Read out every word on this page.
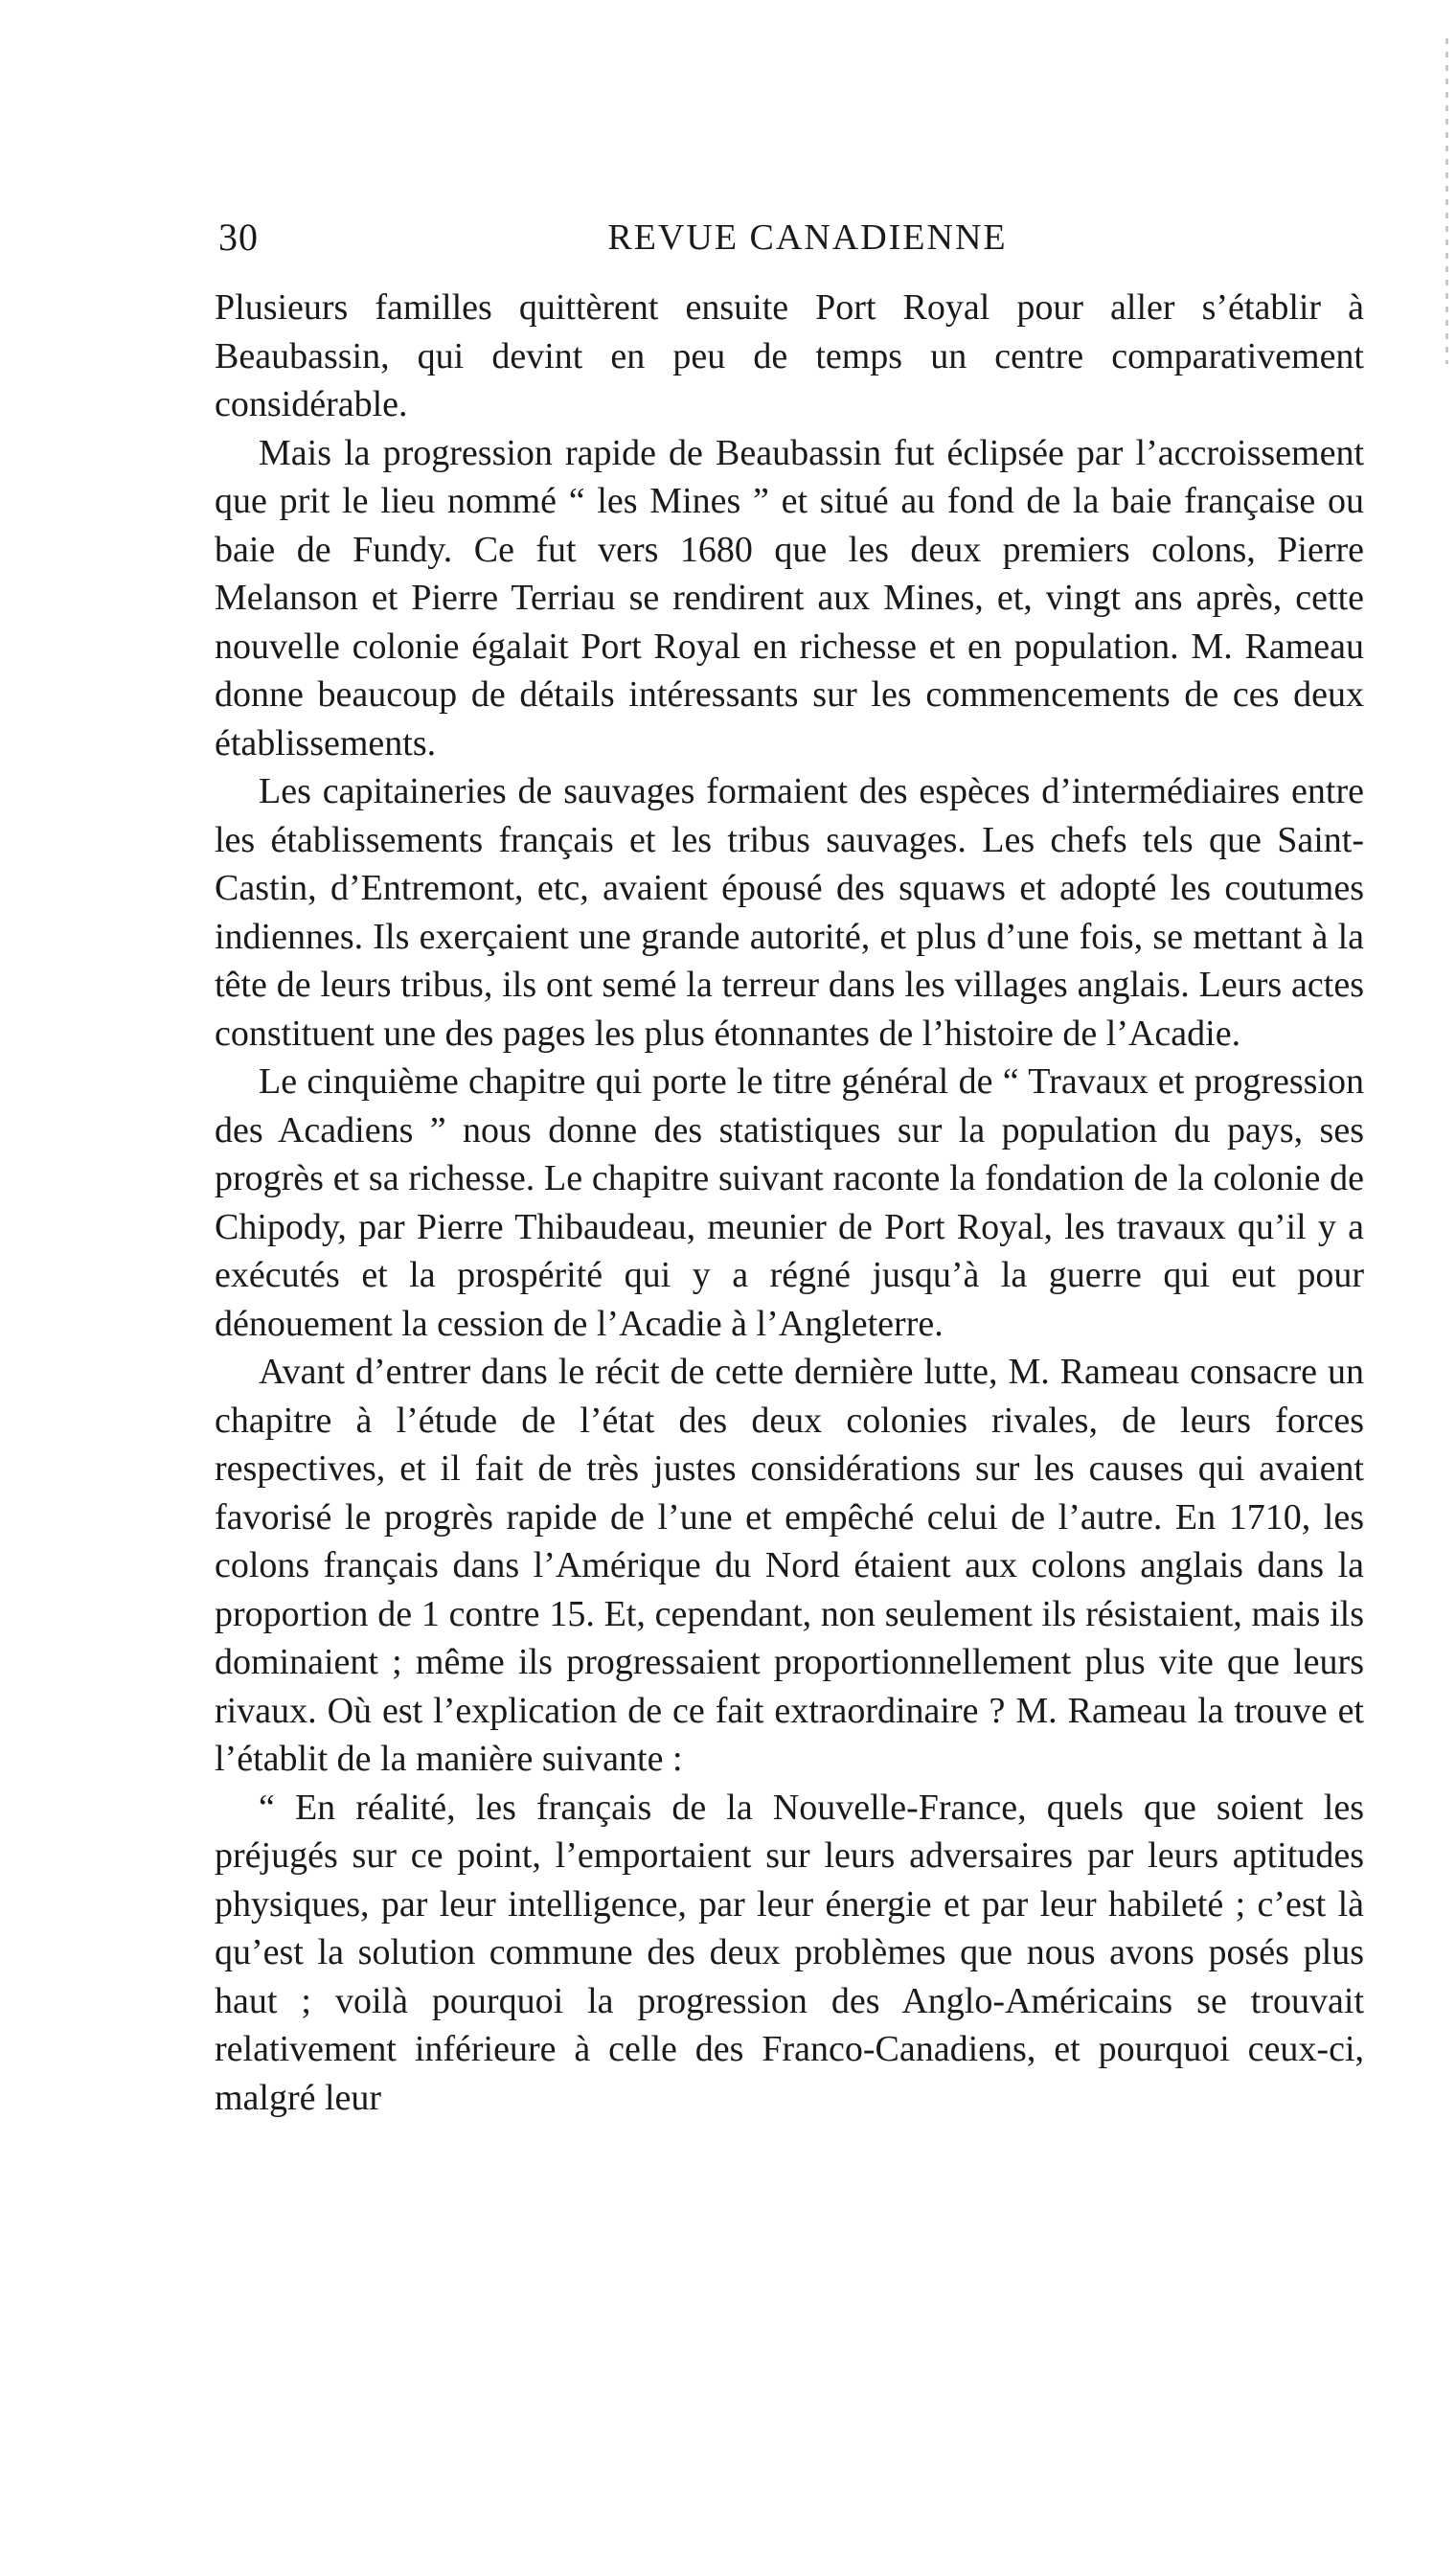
30	REVUE CANADIENNE

Plusieurs familles quittèrent ensuite Port Royal pour aller s’établir à Beaubassin, qui devint en peu de temps un centre comparativement considérable.

Mais la progression rapide de Beaubassin fut éclipsée par l’accroissement que prit le lieu nommé “ les Mines ” et situé au fond de la baie française ou baie de Fundy. Ce fut vers 1680 que les deux premiers colons, Pierre Melanson et Pierre Terriau se rendirent aux Mines, et, vingt ans après, cette nouvelle colonie égalait Port Royal en richesse et en population. M. Rameau donne beaucoup de détails intéressants sur les commencements de ces deux établissements.

Les capitaineries de sauvages formaient des espèces d’intermédiaires entre les établissements français et les tribus sauvages. Les chefs tels que Saint-Castin, d’Entremont, etc, avaient épousé des squaws et adopté les coutumes indiennes. Ils exerçaient une grande autorité, et plus d’une fois, se mettant à la tête de leurs tribus, ils ont semé la terreur dans les villages anglais. Leurs actes constituent une des pages les plus étonnantes de l’histoire de l’Acadie.

Le cinquième chapitre qui porte le titre général de “ Travaux et progression des Acadiens ” nous donne des statistiques sur la population du pays, ses progrès et sa richesse. Le chapitre suivant raconte la fondation de la colonie de Chipody, par Pierre Thibaudeau, meunier de Port Royal, les travaux qu’il y a exécutés et la prospérité qui y a régné jusqu’à la guerre qui eut pour dénouement la cession de l’Acadie à l’Angleterre.

Avant d’entrer dans le récit de cette dernière lutte, M. Rameau consacre un chapitre à l’étude de l’état des deux colonies rivales, de leurs forces respectives, et il fait de très justes considérations sur les causes qui avaient favorisé le progrès rapide de l’une et empêché celui de l’autre. En 1710, les colons français dans l’Amérique du Nord étaient aux colons anglais dans la proportion de 1 contre 15. Et, cependant, non seulement ils résistaient, mais ils dominaient ; même ils progressaient proportionnellement plus vite que leurs rivaux. Où est l’explication de ce fait extraordinaire ? M. Rameau la trouve et l’établit de la manière suivante :

“ En réalité, les français de la Nouvelle-France, quels que soient les préjugés sur ce point, l’emportaient sur leurs adversaires par leurs aptitudes physiques, par leur intelligence, par leur énergie et par leur habileté ; c’est là qu’est la solution commune des deux problèmes que nous avons posés plus haut ; voilà pourquoi la progression des Anglo-Américains se trouvait relativement inférieure à celle des Franco-Canadiens, et pourquoi ceux-ci, malgré leur
